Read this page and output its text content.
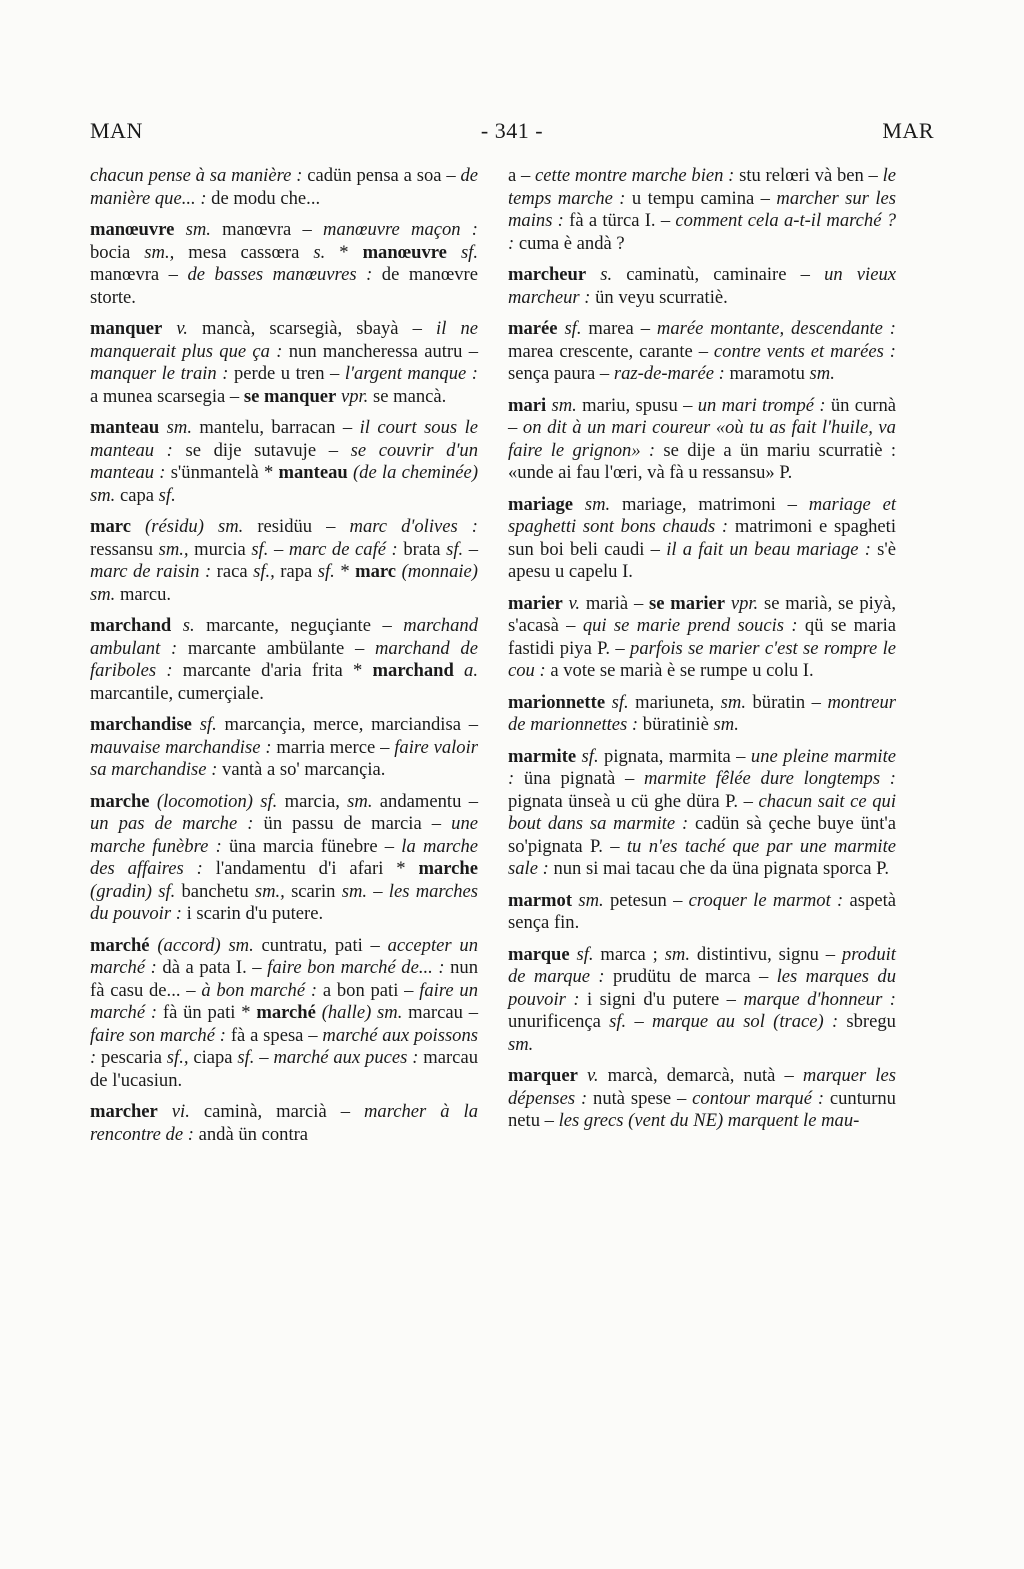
MAN	- 341 -	MAR

chacun pense à sa manière : cadün pensa a soa – de manière que... : de modu che...

manœuvre sm. manœvra – manœuvre maçon : bocia sm., mesa cassœra s. * manœuvre sf. manœvra – de basses manœuvres : de manœvre storte.

manquer v. mancà, scarsegià, sbayà – il ne manquerait plus que ça : nun mancheressa autru – manquer le train : perde u tren – l'argent manque : a munea scarsegia – se manquer vpr. se mancà.

manteau sm. mantelu, barracan – il court sous le manteau : se dije sutavuje – se couvrir d'un manteau : s'ünmantelà * manteau (de la cheminée) sm. capa sf.

marc (résidu) sm. residüu – marc d'olives : ressansu sm., murcia sf. – marc de café : brata sf. – marc de raisin : raca sf., rapa sf. * marc (monnaie) sm. marcu.

marchand s. marcante, neguçiante – marchand ambulant : marcante ambülante – marchand de fariboles : marcante d'aria frita * marchand a. marcantile, cumerçiale.

marchandise sf. marcançia, merce, marciandisa – mauvaise marchandise : marria merce – faire valoir sa marchandise : vantà a so' marcançia.

marche (locomotion) sf. marcia, sm. andamentu – un pas de marche : ün passu de marcia – une marche funèbre : üna marcia fünebre – la marche des affaires : l'andamentu d'i afari * marche (gradin) sf. banchetu sm., scarin sm. – les marches du pouvoir : i scarin d'u putere.

marché (accord) sm. cuntratu, pati – accepter un marché : dà a pata I. – faire bon marché de... : nun fà casu de... – à bon marché : a bon pati – faire un marché : fà ün pati * marché (halle) sm. marcau – faire son marché : fà a spesa – marché aux poissons : pescaria sf., ciapa sf. – marché aux puces : marcau de l'ucasiun.

marcher vi. caminà, marcià – marcher à la rencontre de : andà ün contra

a – cette montre marche bien : stu relœri và ben – le temps marche : u tempu camina – marcher sur les mains : fà a türca I. – comment cela a-t-il marché ? : cuma è andà ?

marcheur s. caminatù, caminaire – un vieux marcheur : ün veyu scurratiè.

marée sf. marea – marée montante, descendante : marea crescente, carante – contre vents et marées : sença paura – raz-de-marée : maramotu sm.

mari sm. mariu, spusu – un mari trompé : ün curnà – on dit à un mari coureur «où tu as fait l'huile, va faire le grignon» : se dije a ün mariu scurratiè : «unde ai fau l'œri, và fà u ressansu» P.

mariage sm. mariage, matrimoni – mariage et spaghetti sont bons chauds : matrimoni e spagheti sun boi beli caudi – il a fait un beau mariage : s'è apesu u capelu I.

marier v. marià – se marier vpr. se marià, se piyà, s'acasà – qui se marie prend soucis : qü se maria fastidi piya P. – parfois se marier c'est se rompre le cou : a vote se marià è se rumpe u colu I.

marionnette sf. mariuneta, sm. büratin – montreur de marionnettes : büratiniè sm.

marmite sf. pignata, marmita – une pleine marmite : üna pignatà – marmite fêlée dure longtemps : pignata ünseà u cü ghe düra P. – chacun sait ce qui bout dans sa marmite : cadün sà çeche buye ünt'a so'pignata P. – tu n'es taché que par une marmite sale : nun si mai tacau che da üna pignata sporca P.

marmot sm. petesun – croquer le marmot : aspetà sença fin.

marque sf. marca ; sm. distintivu, signu – produit de marque : prudütu de marca – les marques du pouvoir : i signi d'u putere – marque d'honneur : unurificença sf. – marque au sol (trace) : sbregu sm.

marquer v. marcà, demarcà, nutà – marquer les dépenses : nutà spese – contour marqué : cunturnu netu – les grecs (vent du NE) marquent le mau-
